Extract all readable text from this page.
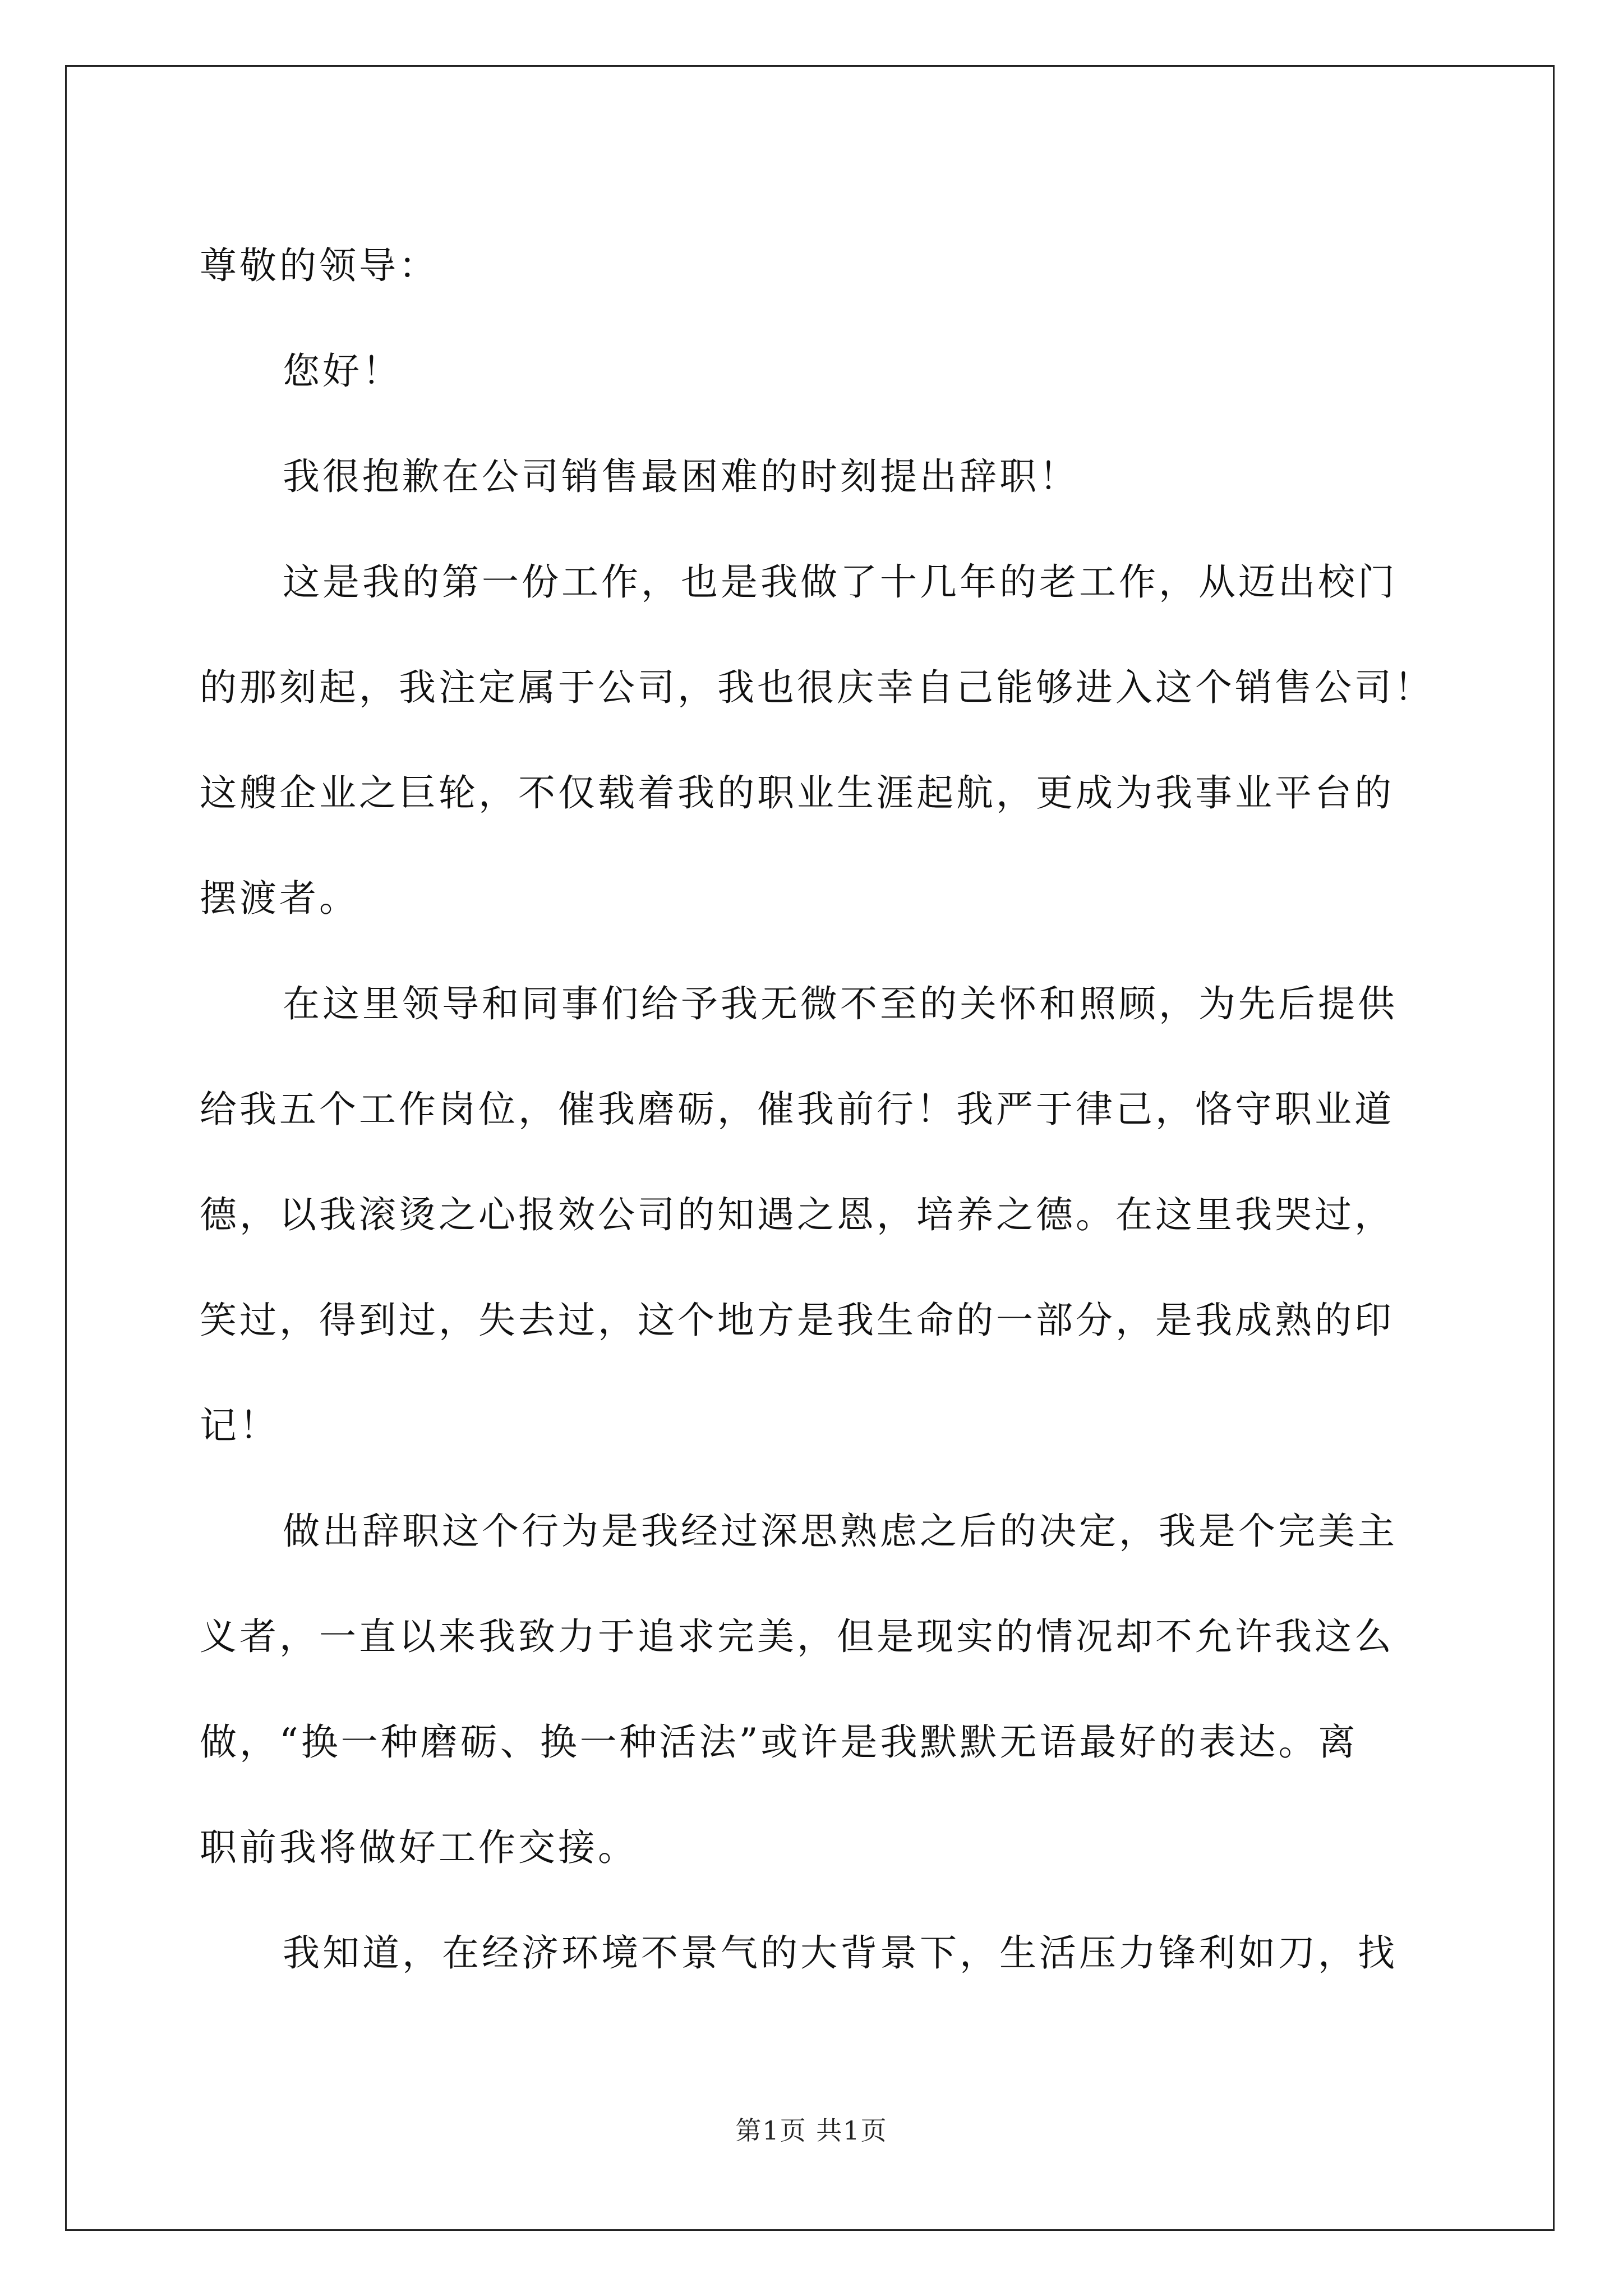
尊敬的领导：
您好！
我很抱歉在公司销售最困难的时刻提出辞职！
这是我的第一份工作，也是我做了十几年的老工作，从迈出校门
的那刻起，我注定属于公司，我也很庆幸自己能够进入这个销售公司！
这艘企业之巨轮，不仅载着我的职业生涯起航，更成为我事业平台的
摆渡者。
在这里领导和同事们给予我无微不至的关怀和照顾，为先后提供
给我五个工作岗位，催我磨砺，催我前行！我严于律己，恪守职业道
德，以我滚烫之心报效公司的知遇之恩，培养之德。在这里我哭过，
笑过，得到过，失去过，这个地方是我生命的一部分，是我成熟的印
记！
做出辞职这个行为是我经过深思熟虑之后的决定，我是个完美主
义者，一直以来我致力于追求完美，但是现实的情况却不允许我这么
做，“换一种磨砺、换一种活法”或许是我默默无语最好的表达。离
职前我将做好工作交接。
我知道，在经济环境不景气的大背景下，生活压力锋利如刀，找
第1页 共1页
